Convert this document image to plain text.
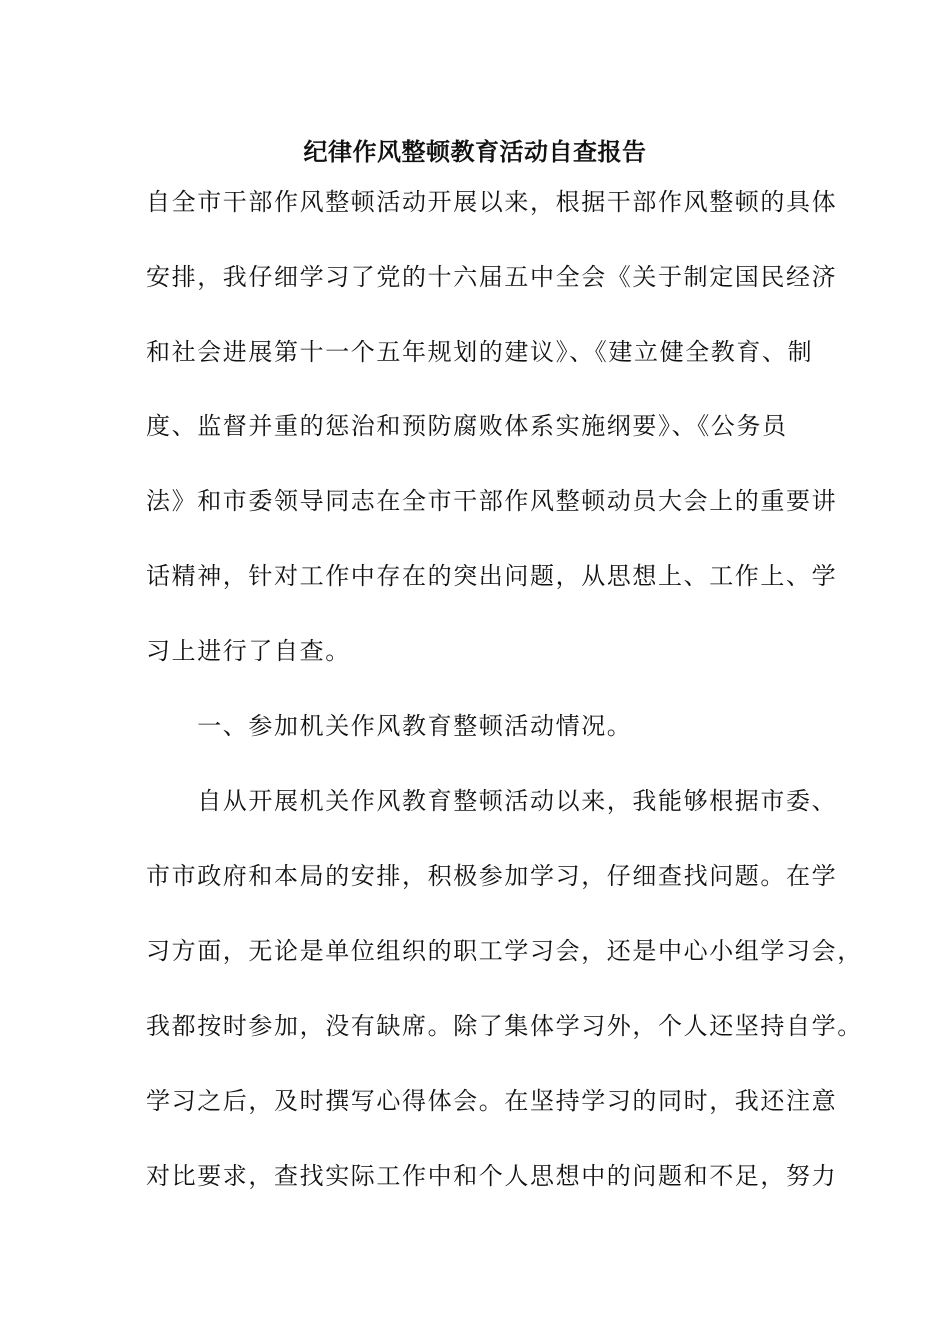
纪律作风整顿教育活动自查报告
自全市干部作风整顿活动开展以来，根据干部作风整顿的具体
安排，我仔细学习了党的十六届五中全会《关于制定国民经济
和社会进展第十一个五年规划的建议》、《建立健全教育、制
度、监督并重的惩治和预防腐败体系实施纲要》、《公务员
法》和市委领导同志在全市干部作风整顿动员大会上的重要讲
话精神，针对工作中存在的突出问题，从思想上、工作上、学
习上进行了自查。
　　一、参加机关作风教育整顿活动情况。
　　自从开展机关作风教育整顿活动以来，我能够根据市委、
市市政府和本局的安排，积极参加学习，仔细查找问题。在学
习方面，无论是单位组织的职工学习会，还是中心小组学习会，
我都按时参加，没有缺席。除了集体学习外，个人还坚持自学。
学习之后，及时撰写心得体会。在坚持学习的同时，我还注意
对比要求，查找实际工作中和个人思想中的问题和不足，努力
